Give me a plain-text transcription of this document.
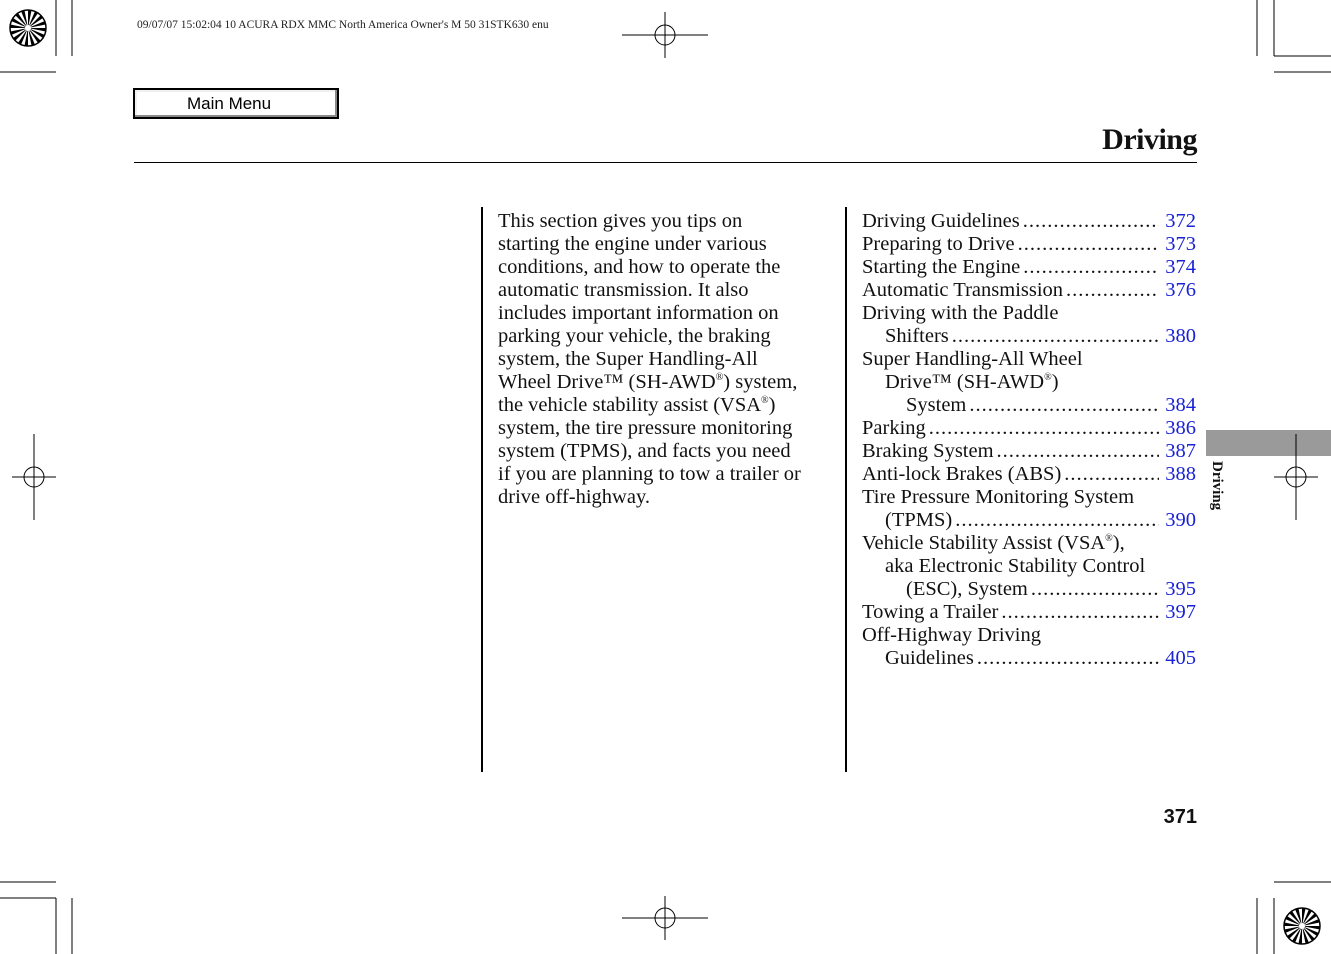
09/07/07 15:02:04 10 ACURA RDX MMC North America Owner's M 50 31STK630 enu
Main Menu
Driving
This section gives you tips on
starting the engine under various
conditions, and how to operate the
automatic transmission. It also
includes important information on
parking your vehicle, the braking
system, the Super Handling-All
Wheel Drive™ (SH-AWD®) system,
the vehicle stability assist (VSA®)
system, the tire pressure monitoring
system (TPMS), and facts you need
if you are planning to tow a trailer or
drive off-highway.
Driving Guidelines .....	372
Preparing to Drive .....	373
Starting the Engine .....	374
Automatic Transmission .....	376
Driving with the Paddle
Shifters .....	380
Super Handling-All Wheel
Drive™ (SH-AWD®)
System .....	384
Parking .....	386
Braking System .....	387
Anti-lock Brakes (ABS) .....	388
Tire Pressure Monitoring System
(TPMS) .....	390
Vehicle Stability Assist (VSA®),
aka Electronic Stability Control
(ESC), System .....	395
Towing a Trailer .....	397
Off-Highway Driving
Guidelines .....	405
Driving
371
